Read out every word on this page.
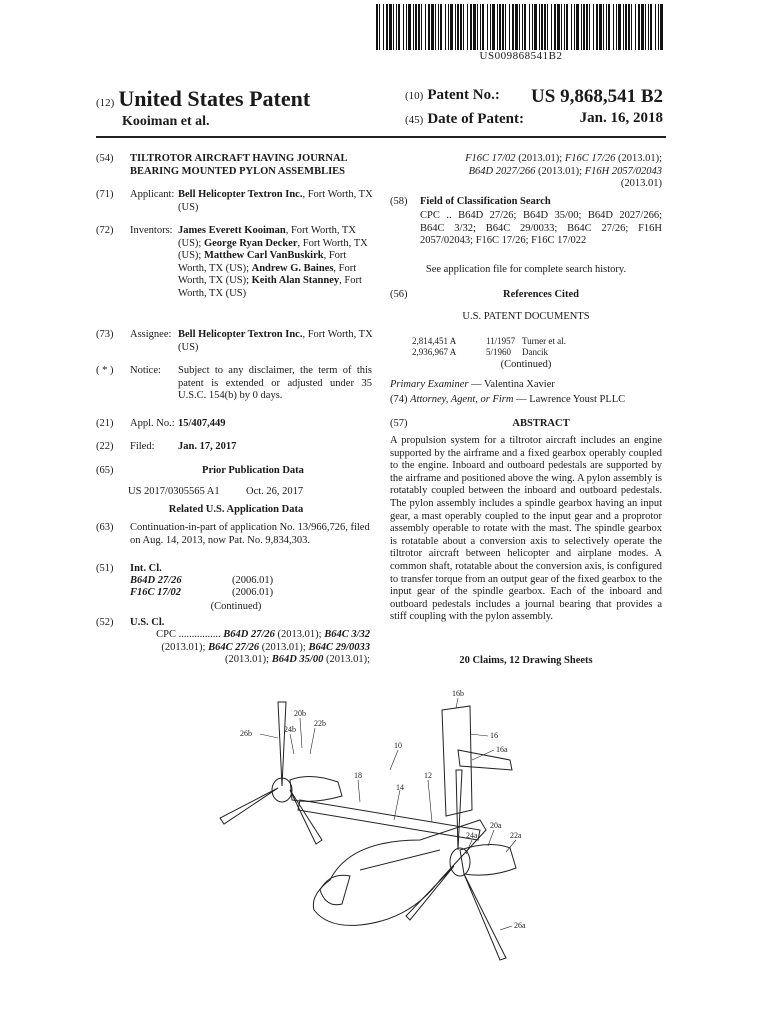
US009868541B2
(12) United States Patent
Kooiman et al.
(10) Patent No.: US 9,868,541 B2
(45) Date of Patent:	Jan. 16, 2018
(54)	TILTROTOR AIRCRAFT HAVING JOURNAL BEARING MOUNTED PYLON ASSEMBLIES
(71)	Applicant: Bell Helicopter Textron Inc., Fort Worth, TX (US)
(72)	Inventors: James Everett Kooiman, Fort Worth, TX (US); George Ryan Decker, Fort Worth, TX (US); Matthew Carl VanBuskirk, Fort Worth, TX (US); Andrew G. Baines, Fort Worth, TX (US); Keith Alan Stanney, Fort Worth, TX (US)
(73)	Assignee: Bell Helicopter Textron Inc., Fort Worth, TX (US)
( * )	Notice: Subject to any disclaimer, the term of this patent is extended or adjusted under 35 U.S.C. 154(b) by 0 days.
(21)	Appl. No.: 15/407,449
(22)	Filed: Jan. 17, 2017
(65)	Prior Publication Data
US 2017/0305565 A1	Oct. 26, 2017
Related U.S. Application Data
(63)	Continuation-in-part of application No. 13/966,726, filed on Aug. 14, 2013, now Pat. No. 9,834,303.
(51)	Int. Cl.
B64D 27/26	(2006.01)
F16C 17/02	(2006.01)
(Continued)
(52)	U.S. Cl.
CPC ................ B64D 27/26 (2013.01); B64C 3/32
(2013.01); B64C 27/26 (2013.01); B64C 29/0033 (2013.01); B64D 35/00 (2013.01);
F16C 17/02 (2013.01); F16C 17/26 (2013.01);
B64D 2027/266 (2013.01); F16H 2057/02043
(2013.01)
(58)	Field of Classification Search
CPC .. B64D 27/26; B64D 35/00; B64D 2027/266; B64C 3/32; B64C 29/0033; B64C 27/26; F16H 2057/02043; F16C 17/26; F16C 17/022
See application file for complete search history.
(56)	References Cited
U.S. PATENT DOCUMENTS
2,814,451 A	11/1957 Turner et al.
2,936,967 A	5/1960 Dancik
(Continued)
Primary Examiner — Valentina Xavier
(74) Attorney, Agent, or Firm — Lawrence Youst PLLC
(57)	ABSTRACT
A propulsion system for a tiltrotor aircraft includes an engine supported by the airframe and a fixed gearbox operably coupled to the engine. Inboard and outboard pedestals are supported by the airframe and positioned above the wing. A pylon assembly is rotatably coupled between the inboard and outboard pedestals. The pylon assembly includes a spindle gearbox having an input gear, a mast operably coupled to the input gear and a proprotor assembly operable to rotate with the mast. The spindle gearbox is rotatable about a conversion axis to selectively operate the tiltrotor aircraft between helicopter and airplane modes. A common shaft, rotatable about the conversion axis, is configured to transfer torque from an output gear of the fixed gearbox to the input gear of the spindle gearbox. Each of the inboard and outboard pedestals includes a journal bearing that provides a stiff coupling with the pylon assembly.
20 Claims, 12 Drawing Sheets
16b
20b
22b
26b	24b
16
16a
10
18	12
14
20a
24a	22a
26a
